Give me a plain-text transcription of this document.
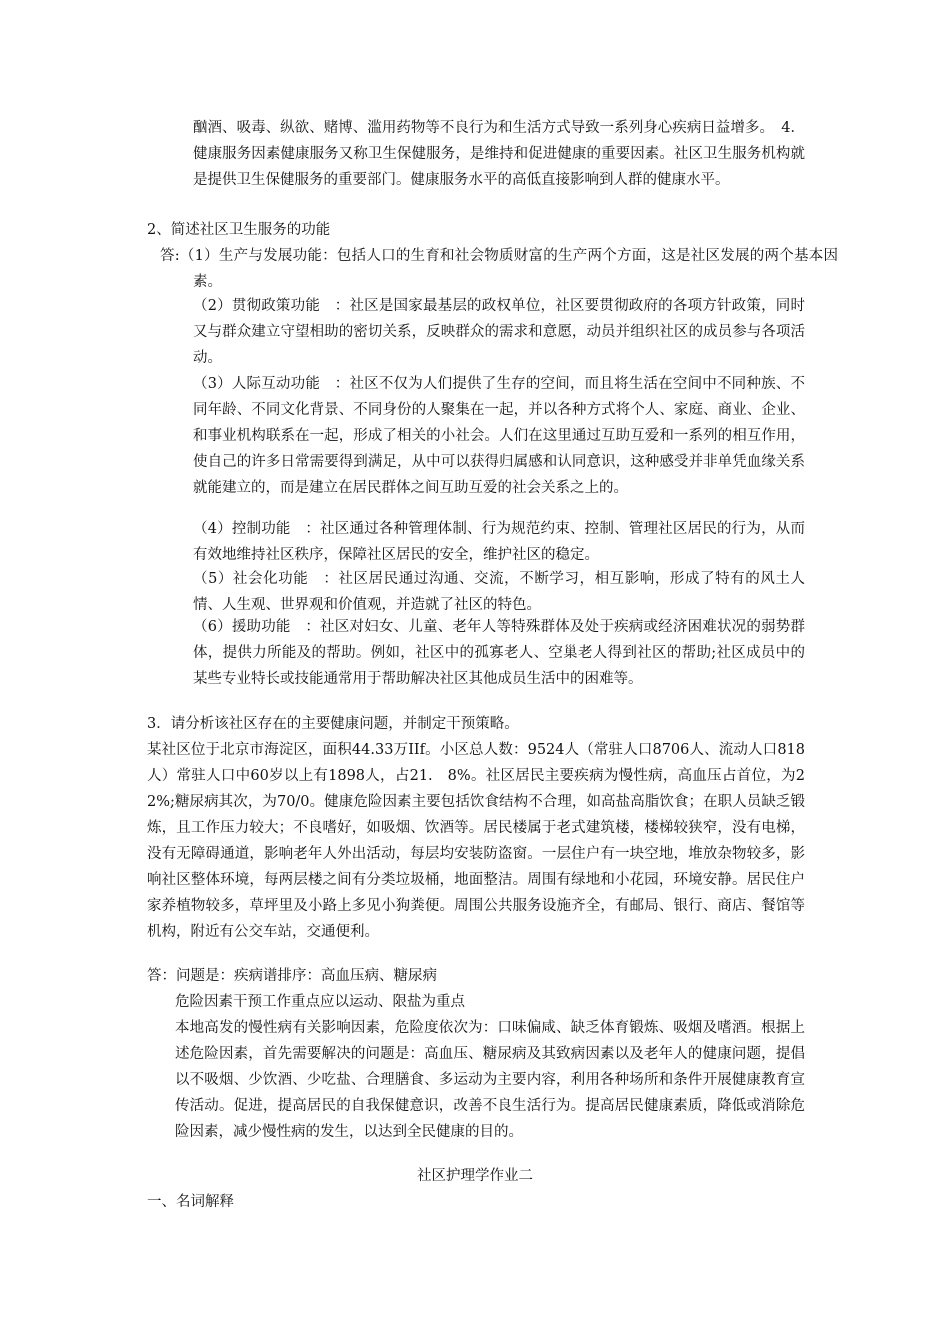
酗酒、吸毒、纵欲、赌博、滥用药物等不良行为和生活方式导致一系列身心疾病日益增多。　4．健康服务因素健康服务又称卫生保健服务，是维持和促进健康的重要因素。社区卫生服务机构就是提供卫生保健服务的重要部门。健康服务水平的高低直接影响到人群的健康水平。
2、简述社区卫生服务的功能
答:（1）生产与发展功能：包括人口的生育和社会物质财富的生产两个方面，这是社区发展的两个基本因素。
（2）贯彻政策功能　：社区是国家最基层的政权单位，社区要贯彻政府的各项方针政策，同时又与群众建立守望相助的密切关系，反映群众的需求和意愿，动员并组织社区的成员参与各项活动。
（3）人际互动功能　：社区不仅为人们提供了生存的空间，而且将生活在空间中不同种族、不同年龄、不同文化背景、不同身份的人聚集在一起，并以各种方式将个人、家庭、商业、企业、和事业机构联系在一起，形成了相关的小社会。人们在这里通过互助互爱和一系列的相互作用，使自己的许多日常需要得到满足，从中可以获得归属感和认同意识，这种感受并非单凭血缘关系就能建立的，而是建立在居民群体之间互助互爱的社会关系之上的。
（4）控制功能　：社区通过各种管理体制、行为规范约束、控制、管理社区居民的行为，从而有效地维持社区秩序，保障社区居民的安全，维护社区的稳定。
（5）社会化功能　：社区居民通过沟通、交流，不断学习，相互影响，形成了特有的风土人情、人生观、世界观和价值观，并造就了社区的特色。
（6）援助功能　：社区对妇女、儿童、老年人等特殊群体及处于疾病或经济困难状况的弱势群体，提供力所能及的帮助。例如，社区中的孤寡老人、空巢老人得到社区的帮助;社区成员中的某些专业特长或技能通常用于帮助解决社区其他成员生活中的困难等。
3．请分析该社区存在的主要健康问题，并制定干预策略。
某社区位于北京市海淀区，面积44.33万IIf。小区总人数：9524人（常驻人口8706人、流动人口818人）常驻人口中60岁以上有1898人，占21.　8%。社区居民主要疾病为慢性病，高血压占首位，为22%;糖尿病其次，为70/0。健康危险因素主要包括饮食结构不合理，如高盐高脂饮食；在职人员缺乏锻炼，且工作压力较大；不良嗜好，如吸烟、饮酒等。居民楼属于老式建筑楼，楼梯较狭窄，没有电梯，没有无障碍通道，影响老年人外出活动，每层均安装防盗窗。一层住户有一块空地，堆放杂物较多，影响社区整体环境，每两层楼之间有分类垃圾桶，地面整洁。周围有绿地和小花园，环境安静。居民住户家养植物较多，草坪里及小路上多见小狗粪便。周围公共服务设施齐全，有邮局、银行、商店、餐馆等机构，附近有公交车站，交通便利。
答：问题是：疾病谱排序：高血压病、糖尿病
危险因素干预工作重点应以运动、限盐为重点
本地高发的慢性病有关影响因素，危险度依次为：口味偏咸、缺乏体育锻炼、吸烟及嗜酒。根据上述危险因素，首先需要解决的问题是：高血压、糖尿病及其致病因素以及老年人的健康问题，提倡以不吸烟、少饮酒、少吃盐、合理膳食、多运动为主要内容，利用各种场所和条件开展健康教育宣传活动。促进，提高居民的自我保健意识，改善不良生活行为。提高居民健康素质，降低或消除危险因素，减少慢性病的发生，以达到全民健康的目的。
社区护理学作业二
一、名词解释
